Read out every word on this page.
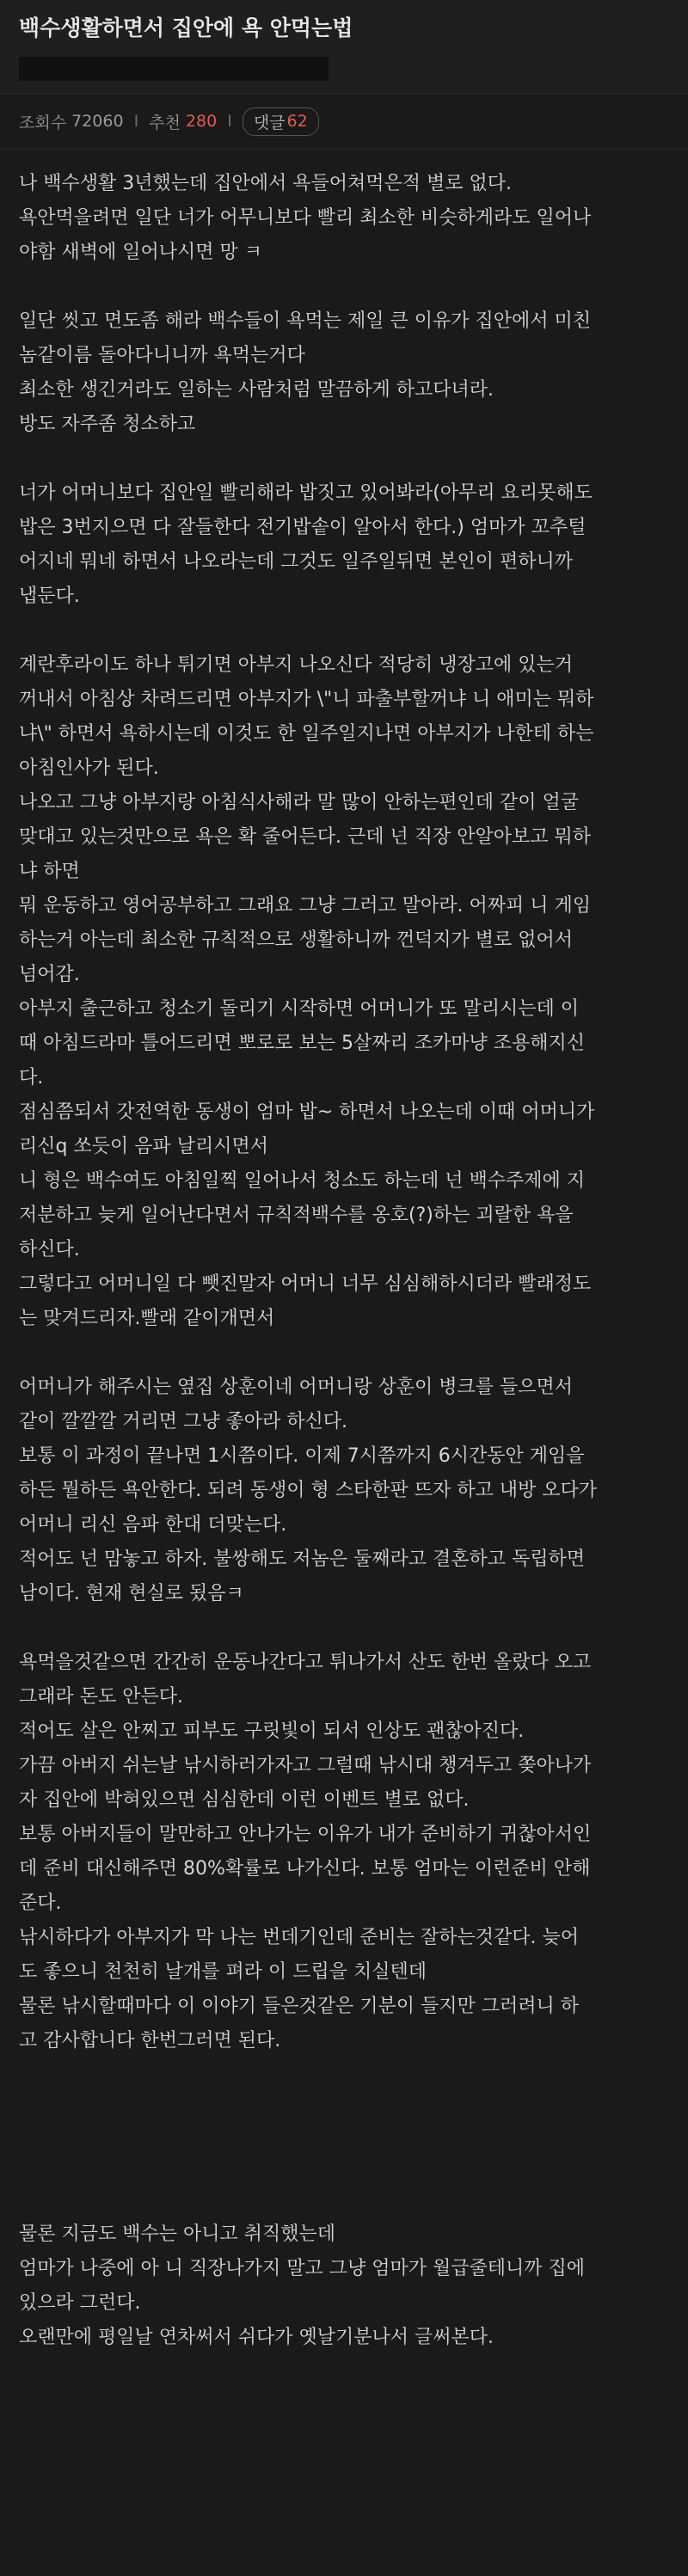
백수생활하면서 집안에 욕 안먹는법
조회수
72060 I 추천
280 I 댓글 62
나 백수생활 3년했는데 집안에서 욕들어쳐먹은적 별로 없다.
욕안먹을려면 일단 너가 어무니보다 빨리 최소한 비슷하게라도 일어나
야함 새벽에 일어나시면 망 ㅋ
일단 씻고 면도좀 해라 백수들이 욕먹는 제일 큰 이유가 집안에서 미친
놈같이름 돌아다니니까 욕먹는거다
최소한 생긴거라도 일하는 사람처럼 말끔하게 하고다녀라.
방도 자주좀 청소하고
너가 어머니보다 집안일 빨리해라 밥짓고 있어봐라(아무리 요리못해도
밥은 3번지으면 다 잘들한다 전기밥솥이 알아서 한다.) 엄마가 꼬추털
어지네 뭐네 하면서 나오라는데 그것도 일주일뒤면 본인이 편하니까
냅둔다.
계란후라이도 하나 튀기면 아부지 나오신다 적당히 냉장고에 있는거
꺼내서 아침상 차려드리면 아부지가 \"니 파출부할꺼냐 니 애미는 뭐하
냐\" 하면서 욕하시는데 이것도 한 일주일지나면 아부지가 나한테 하는
아침인사가 된다.
나오고 그냥 아부지랑 아침식사해라 말 많이 안하는편인데 같이 얼굴
맞대고 있는것만으로 욕은 확 줄어든다. 근데 넌 직장 안알아보고 뭐하
냐 하면
뭐 운동하고 영어공부하고 그래요 그냥 그러고 말아라. 어짜피 니 게임
하는거 아는데 최소한 규칙적으로 생활하니까 껀덕지가 별로 없어서
넘어감.
아부지 출근하고 청소기 돌리기 시작하면 어머니가 또 말리시는데 이
때 아침드라마 틀어드리면 뽀로로 보는 5살짜리 조카마냥 조용해지신
다.
점심쯤되서 갓전역한 동생이 엄마 밥~ 하면서 나오는데 이때 어머니가
리신q 쏘듯이 음파 날리시면서
니 형은 백수여도 아침일찍 일어나서 청소도 하는데 넌 백수주제에 지
저분하고 늦게 일어난다면서 규칙적백수를 옹호(?)하는 괴랄한 욕을
하신다.
그렇다고 어머니일 다 뺏진말자 어머니 너무 심심해하시더라 빨래정도
는 맞겨드리자.빨래 같이개면서
어머니가 해주시는 옆집 상훈이네 어머니랑 상훈이 병크를 들으면서
같이 깔깔깔 거리면 그냥 좋아라 하신다.
보통 이 과정이 끝나면 1시쯤이다. 이제 7시쯤까지 6시간동안 게임을
하든 뭘하든 욕안한다. 되려 동생이 형 스타한판 뜨자 하고 내방 오다가
어머니 리신 음파 한대 더맞는다.
적어도 넌 맘놓고 하자. 불쌍해도 저놈은 둘째라고 결혼하고 독립하면
남이다. 현재 현실로 됬음ㅋ
욕먹을것같으면 간간히 운동나간다고 튀나가서 산도 한번 올랐다 오고
그래라 돈도 안든다.
적어도 살은 안찌고 피부도 구릿빛이 되서 인상도 괜찮아진다.
가끔 아버지 쉬는날 낚시하러가자고 그럴때 낚시대 챙겨두고 쫒아나가
자 집안에 박혀있으면 심심한데 이런 이벤트 별로 없다.
보통 아버지들이 말만하고 안나가는 이유가 내가 준비하기 귀찮아서인
데 준비 대신해주면 80%확률로 나가신다. 보통 엄마는 이런준비 안해
준다.
낚시하다가 아부지가 막 나는 번데기인데 준비는 잘하는것같다. 늦어
도 좋으니 천천히 날개를 펴라 이 드립을 치실텐데
물론 낚시할때마다 이 이야기 들은것같은 기분이 들지만 그러려니 하
고 감사합니다 한번그러면 된다.
물론 지금도 백수는 아니고 취직했는데
엄마가 나중에 아 니 직장나가지 말고 그냥 엄마가 월급줄테니까 집에
있으라 그런다.
오랜만에 평일날 연차써서 쉬다가 옛날기분나서 글써본다.
